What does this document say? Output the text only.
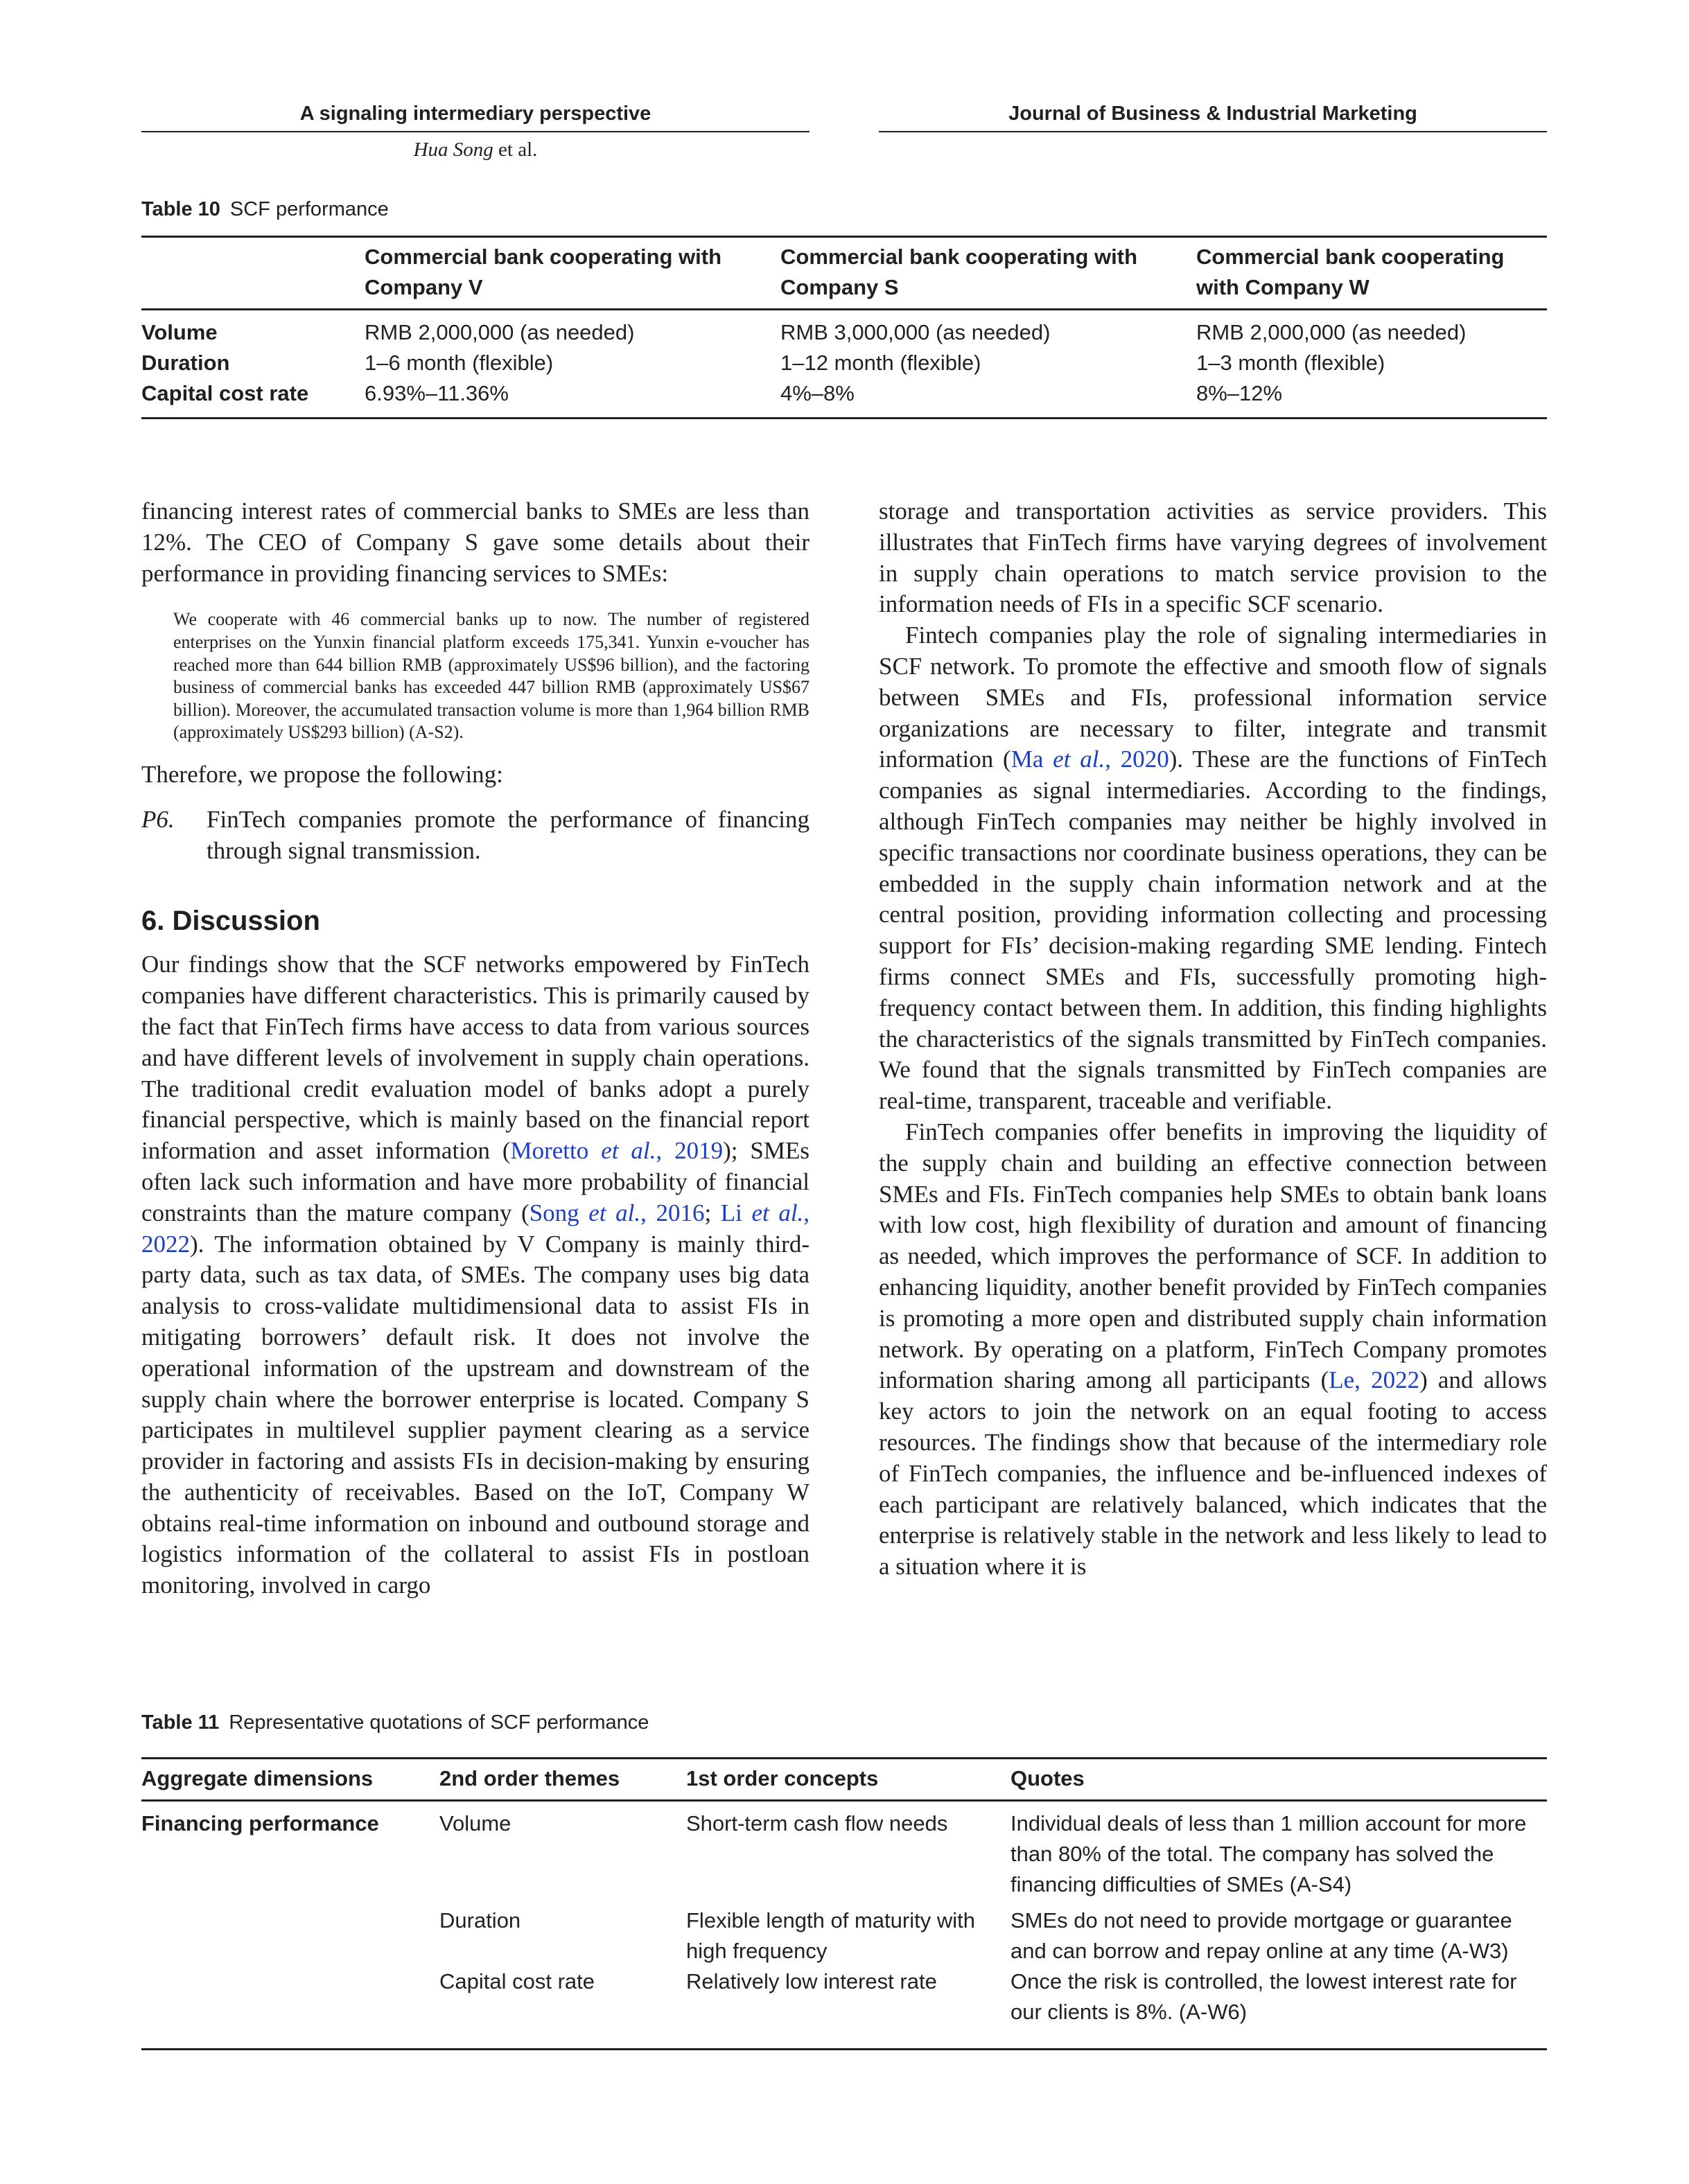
A signaling intermediary perspective	Journal of Business & Industrial Marketing
Hua Song et al.
Table 10 SCF performance
	Commercial bank cooperating with Company V	Commercial bank cooperating with Company S	Commercial bank cooperating with Company W
Volume	RMB 2,000,000 (as needed)	RMB 3,000,000 (as needed)	RMB 2,000,000 (as needed)
Duration	1–6 month (flexible)	1–12 month (flexible)	1–3 month (flexible)
Capital cost rate	6.93%–11.36%	4%–8%	8%–12%

financing interest rates of commercial banks to SMEs are less than 12%. The CEO of Company S gave some details about their performance in providing financing services to SMEs:

We cooperate with 46 commercial banks up to now. The number of registered enterprises on the Yunxin financial platform exceeds 175,341. Yunxin e-voucher has reached more than 644 billion RMB (approximately US$96 billion), and the factoring business of commercial banks has exceeded 447 billion RMB (approximately US$67 billion). Moreover, the accumulated transaction volume is more than 1,964 billion RMB (approximately US$293 billion) (A-S2).

Therefore, we propose the following:

P6.	FinTech companies promote the performance of financing through signal transmission.

6. Discussion

Our findings show that the SCF networks empowered by FinTech companies have different characteristics. This is primarily caused by the fact that FinTech firms have access to data from various sources and have different levels of involvement in supply chain operations. The traditional credit evaluation model of banks adopt a purely financial perspective, which is mainly based on the financial report information and asset information (Moretto et al., 2019); SMEs often lack such information and have more probability of financial constraints than the mature company (Song et al., 2016; Li et al., 2022). The information obtained by V Company is mainly third-party data, such as tax data, of SMEs. The company uses big data analysis to cross-validate multidimensional data to assist FIs in mitigating borrowers’ default risk. It does not involve the operational information of the upstream and downstream of the supply chain where the borrower enterprise is located. Company S participates in multilevel supplier payment clearing as a service provider in factoring and assists FIs in decision-making by ensuring the authenticity of receivables. Based on the IoT, Company W obtains real-time information on inbound and outbound storage and logistics information of the collateral to assist FIs in postloan monitoring, involved in cargo

storage and transportation activities as service providers. This illustrates that FinTech firms have varying degrees of involvement in supply chain operations to match service provision to the information needs of FIs in a specific SCF scenario.

Fintech companies play the role of signaling intermediaries in SCF network. To promote the effective and smooth flow of signals between SMEs and FIs, professional information service organizations are necessary to filter, integrate and transmit information (Ma et al., 2020). These are the functions of FinTech companies as signal intermediaries. According to the findings, although FinTech companies may neither be highly involved in specific transactions nor coordinate business operations, they can be embedded in the supply chain information network and at the central position, providing information collecting and processing support for FIs’ decision-making regarding SME lending. Fintech firms connect SMEs and FIs, successfully promoting high-frequency contact between them. In addition, this finding highlights the characteristics of the signals transmitted by FinTech companies. We found that the signals transmitted by FinTech companies are real-time, transparent, traceable and verifiable.

FinTech companies offer benefits in improving the liquidity of the supply chain and building an effective connection between SMEs and FIs. FinTech companies help SMEs to obtain bank loans with low cost, high flexibility of duration and amount of financing as needed, which improves the performance of SCF. In addition to enhancing liquidity, another benefit provided by FinTech companies is promoting a more open and distributed supply chain information network. By operating on a platform, FinTech Company promotes information sharing among all participants (Le, 2022) and allows key actors to join the network on an equal footing to access resources. The findings show that because of the intermediary role of FinTech companies, the influence and be-influenced indexes of each participant are relatively balanced, which indicates that the enterprise is relatively stable in the network and less likely to lead to a situation where it is

Table 11 Representative quotations of SCF performance
Aggregate dimensions	2nd order themes	1st order concepts	Quotes
Financing performance	Volume	Short-term cash flow needs	Individual deals of less than 1 million account for more than 80% of the total. The company has solved the financing difficulties of SMEs (A-S4)
	Duration	Flexible length of maturity with high frequency	SMEs do not need to provide mortgage or guarantee and can borrow and repay online at any time (A-W3)
	Capital cost rate	Relatively low interest rate	Once the risk is controlled, the lowest interest rate for our clients is 8%. (A-W6)
